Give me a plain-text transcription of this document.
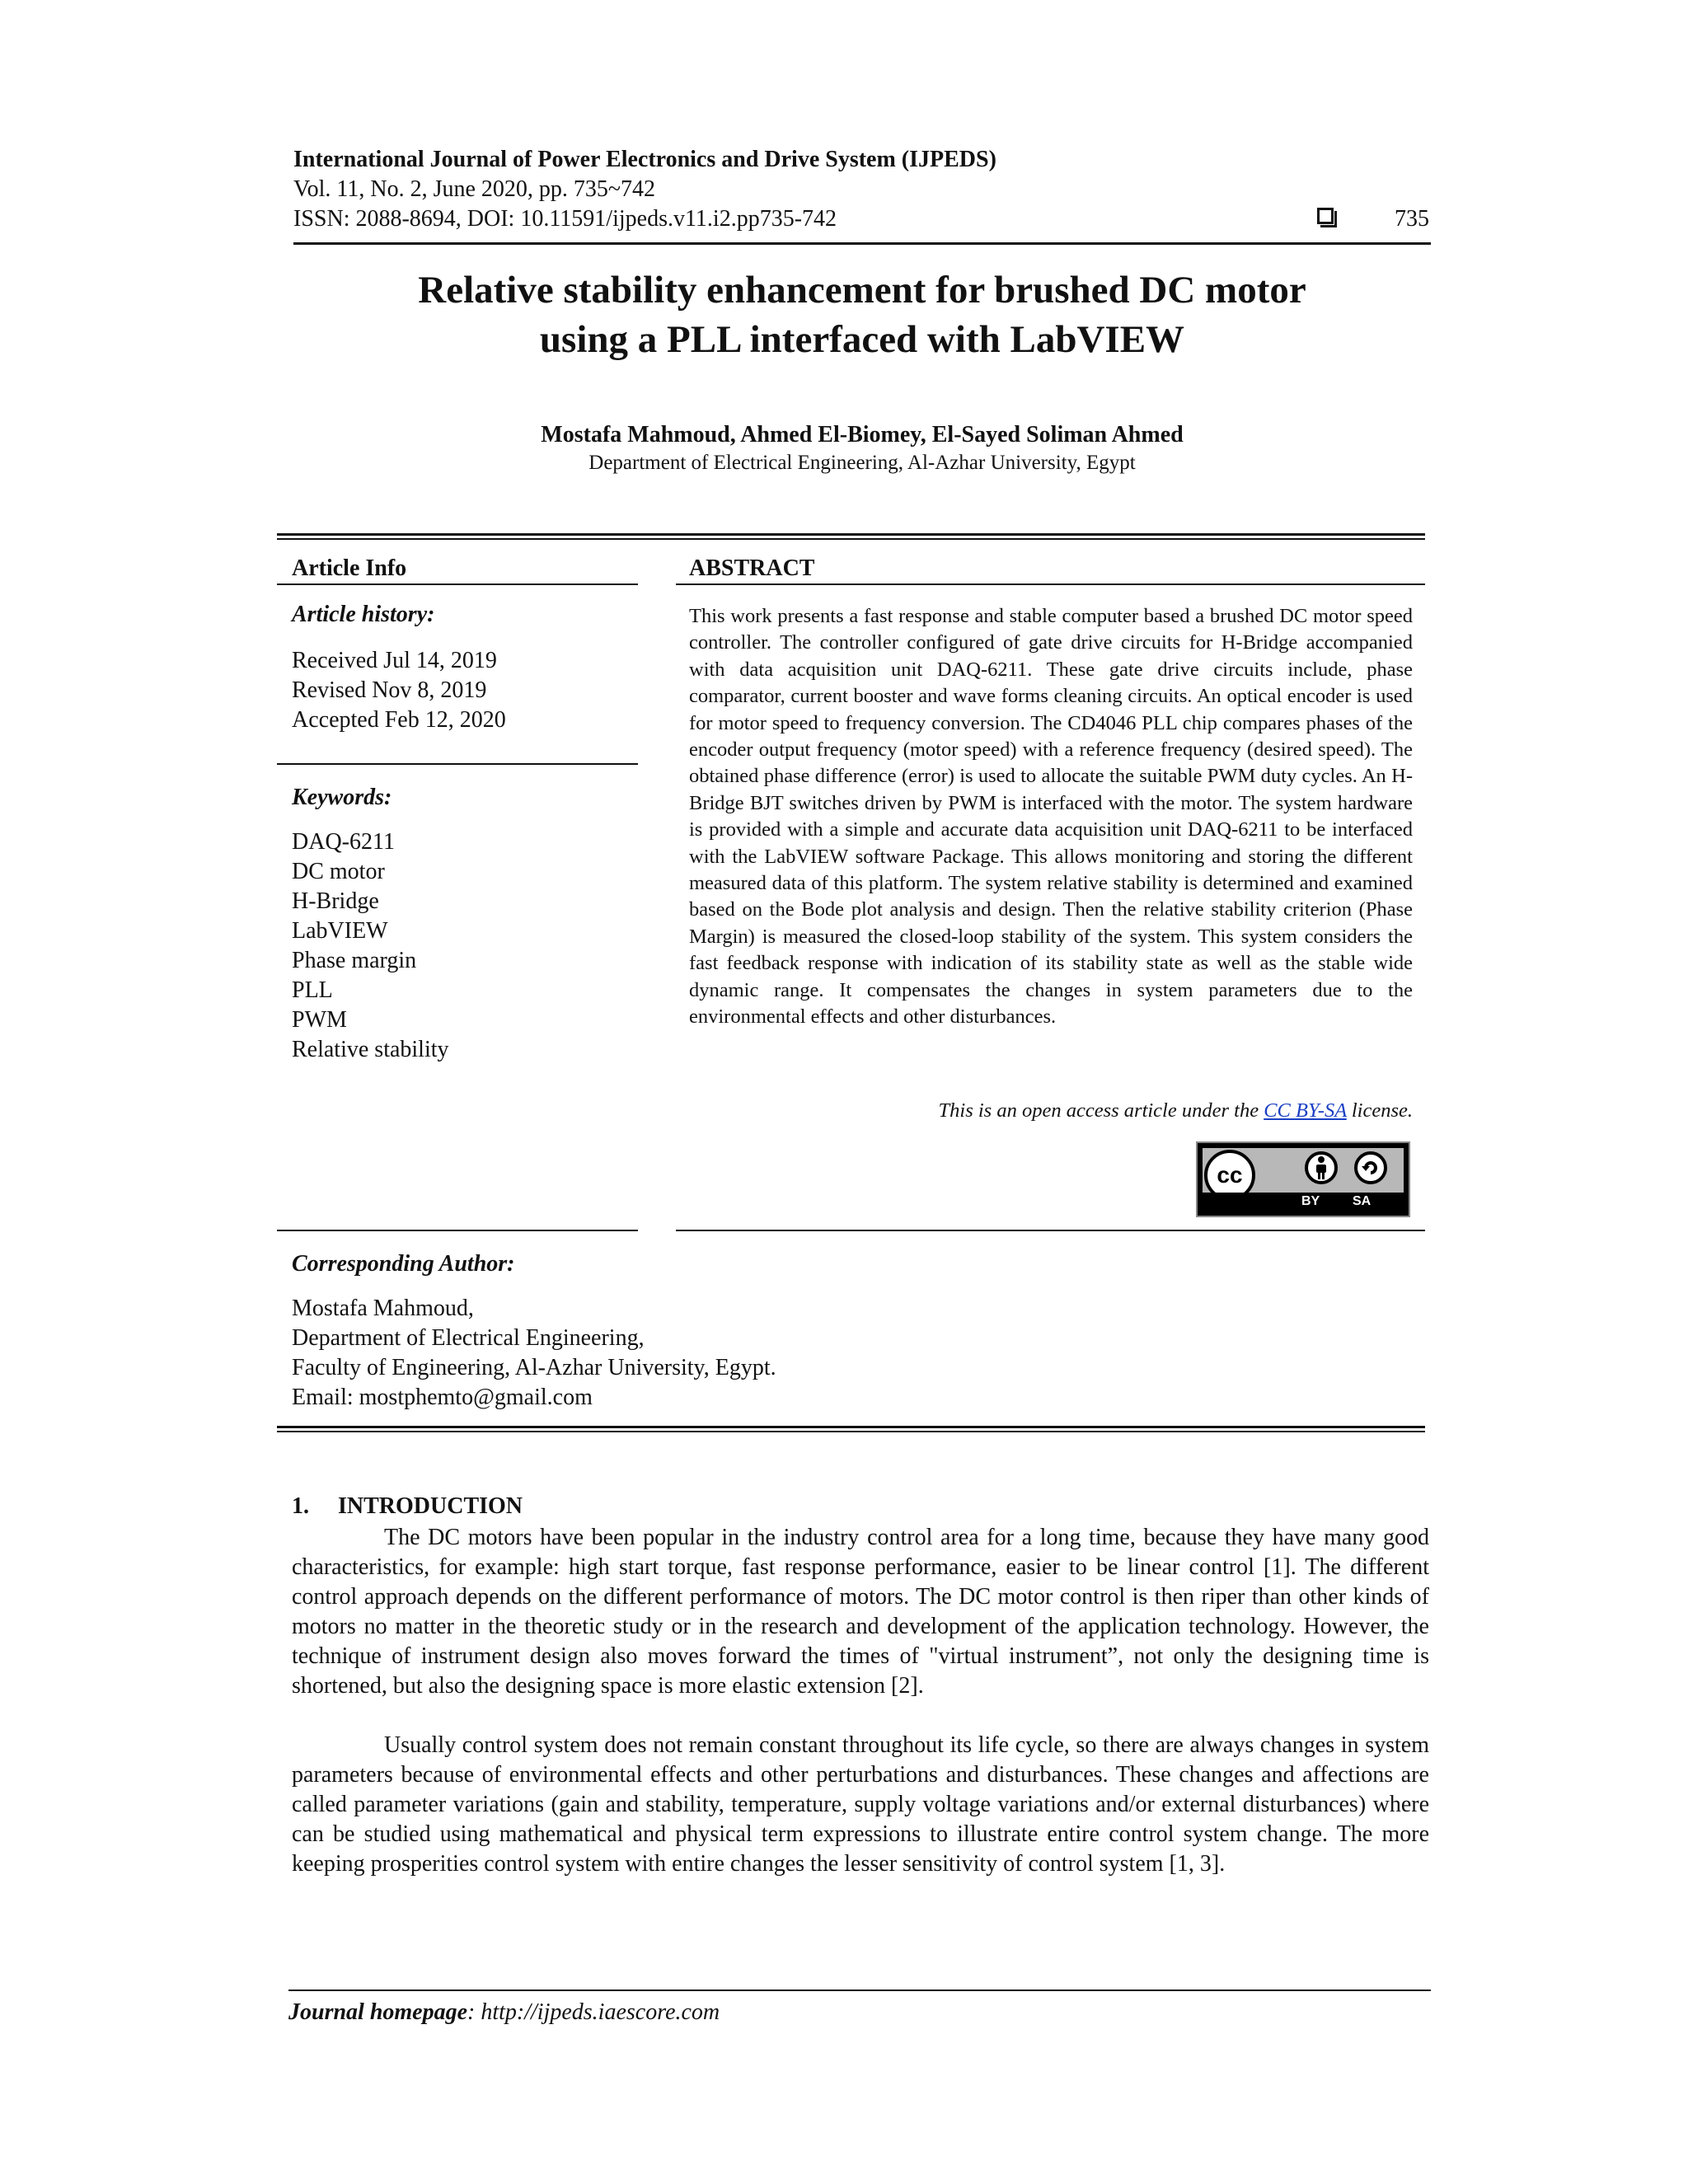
International Journal of Power Electronics and Drive System (IJPEDS)
Vol. 11, No. 2, June 2020, pp. 735~742
ISSN: 2088-8694, DOI: 10.11591/ijpeds.v11.i2.pp735-742	735
Relative stability enhancement for brushed DC motor
using a PLL interfaced with LabVIEW
Mostafa Mahmoud, Ahmed El-Biomey, El-Sayed Soliman Ahmed
Department of Electrical Engineering, Al-Azhar University, Egypt
Article Info	ABSTRACT
Article history:
Received Jul 14, 2019
Revised Nov 8, 2019
Accepted Feb 12, 2020
Keywords:
DAQ-6211
DC motor
H-Bridge
LabVIEW
Phase margin
PLL
PWM
Relative stability
This work presents a fast response and stable computer based a brushed DC motor speed controller. The controller configured of gate drive circuits for H-Bridge accompanied with data acquisition unit DAQ-6211. These gate drive circuits include, phase comparator, current booster and wave forms cleaning circuits. An optical encoder is used for motor speed to frequency conversion. The CD4046 PLL chip compares phases of the encoder output frequency (motor speed) with a reference frequency (desired speed). The obtained phase difference (error) is used to allocate the suitable PWM duty cycles. An H-Bridge BJT switches driven by PWM is interfaced with the motor. The system hardware is provided with a simple and accurate data acquisition unit DAQ-6211 to be interfaced with the LabVIEW software Package. This allows monitoring and storing the different measured data of this platform. The system relative stability is determined and examined based on the Bode plot analysis and design. Then the relative stability criterion (Phase Margin) is measured the closed-loop stability of the system. This system considers the fast feedback response with indication of its stability state as well as the stable wide dynamic range. It compensates the changes in system parameters due to the environmental effects and other disturbances.
This is an open access article under the CC BY-SA license.
cc
BY SA
Corresponding Author:
Mostafa Mahmoud,
Department of Electrical Engineering,
Faculty of Engineering, Al-Azhar University, Egypt.
Email: mostphemto@gmail.com
1.     INTRODUCTION
The DC motors have been popular in the industry control area for a long time, because they have many good characteristics, for example: high start torque, fast response performance, easier to be linear control [1]. The different control approach depends on the different performance of motors. The DC motor control is then riper than other kinds of motors no matter in the theoretic study or in the research and development of the application technology. However, the technique of instrument design also moves forward the times of "virtual instrument”, not only the designing time is shortened, but also the designing space is more elastic extension [2].
Usually control system does not remain constant throughout its life cycle, so there are always changes in system parameters because of environmental effects and other perturbations and disturbances. These changes and affections are called parameter variations (gain and stability, temperature, supply voltage variations and/or external disturbances) where can be studied using mathematical and physical term expressions to illustrate entire control system change. The more keeping prosperities control system with entire changes the lesser sensitivity of control system [1, 3].
Journal homepage: http://ijpeds.iaescore.com
